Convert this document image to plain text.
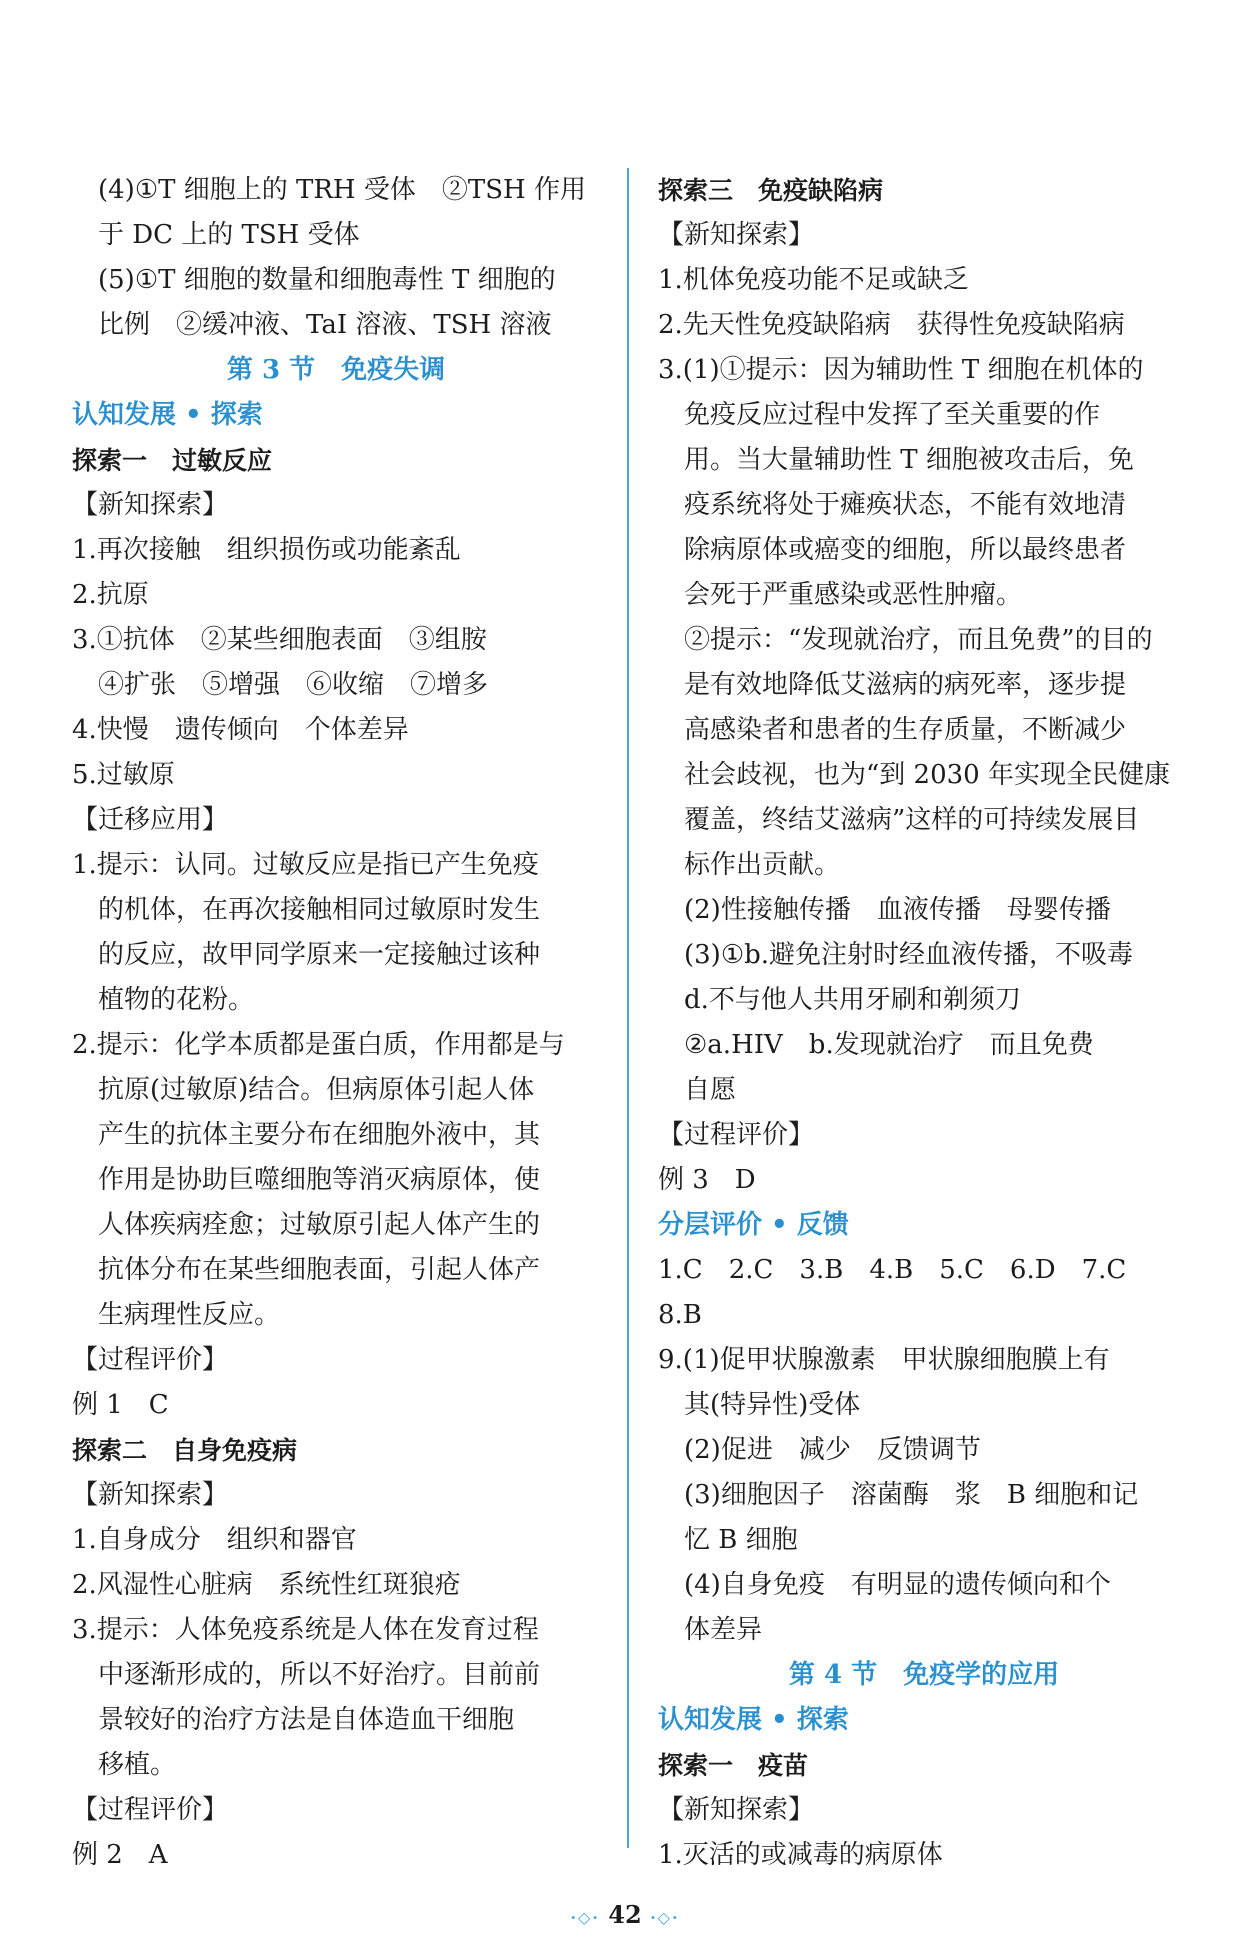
(4)①T 细胞上的 TRH 受体　②TSH 作用
于 DC 上的 TSH 受体
(5)①T 细胞的数量和细胞毒性 T 细胞的
比例　②缓冲液、TaI 溶液、TSH 溶液
第 3 节　免疫失调
认知发展 • 探索
探索一　过敏反应
【新知探索】
1.再次接触　组织损伤或功能紊乱
2.抗原
3.①抗体　②某些细胞表面　③组胺
④扩张　⑤增强　⑥收缩　⑦增多
4.快慢　遗传倾向　个体差异
5.过敏原
【迁移应用】
1.提示：认同。过敏反应是指已产生免疫
的机体，在再次接触相同过敏原时发生
的反应，故甲同学原来一定接触过该种
植物的花粉。
2.提示：化学本质都是蛋白质，作用都是与
抗原(过敏原)结合。但病原体引起人体
产生的抗体主要分布在细胞外液中，其
作用是协助巨噬细胞等消灭病原体，使
人体疾病痊愈；过敏原引起人体产生的
抗体分布在某些细胞表面，引起人体产
生病理性反应。
【过程评价】
例 1　C
探索二　自身免疫病
【新知探索】
1.自身成分　组织和器官
2.风湿性心脏病　系统性红斑狼疮
3.提示：人体免疫系统是人体在发育过程
中逐渐形成的，所以不好治疗。目前前
景较好的治疗方法是自体造血干细胞
移植。
【过程评价】
例 2　A
探索三　免疫缺陷病
【新知探索】
1.机体免疫功能不足或缺乏
2.先天性免疫缺陷病　获得性免疫缺陷病
3.(1)①提示：因为辅助性 T 细胞在机体的
免疫反应过程中发挥了至关重要的作
用。当大量辅助性 T 细胞被攻击后，免
疫系统将处于瘫痪状态，不能有效地清
除病原体或癌变的细胞，所以最终患者
会死于严重感染或恶性肿瘤。
②提示：“发现就治疗，而且免费”的目的
是有效地降低艾滋病的病死率，逐步提
高感染者和患者的生存质量，不断减少
社会歧视，也为“到 2030 年实现全民健康
覆盖，终结艾滋病”这样的可持续发展目
标作出贡献。
(2)性接触传播　血液传播　母婴传播
(3)①b.避免注射时经血液传播，不吸毒
d.不与他人共用牙刷和剃须刀
②a.HIV　b.发现就治疗　而且免费
自愿
【过程评价】
例 3　D
分层评价 • 反馈
1.C　2.C　3.B　4.B　5.C　6.D　7.C
8.B
9.(1)促甲状腺激素　甲状腺细胞膜上有
其(特异性)受体
(2)促进　减少　反馈调节
(3)细胞因子　溶菌酶　浆　B 细胞和记
忆 B 细胞
(4)自身免疫　有明显的遗传倾向和个
体差异
第 4 节　免疫学的应用
认知发展 • 探索
探索一　疫苗
【新知探索】
1.灭活的或减毒的病原体
·◇· 42 ·◇·
